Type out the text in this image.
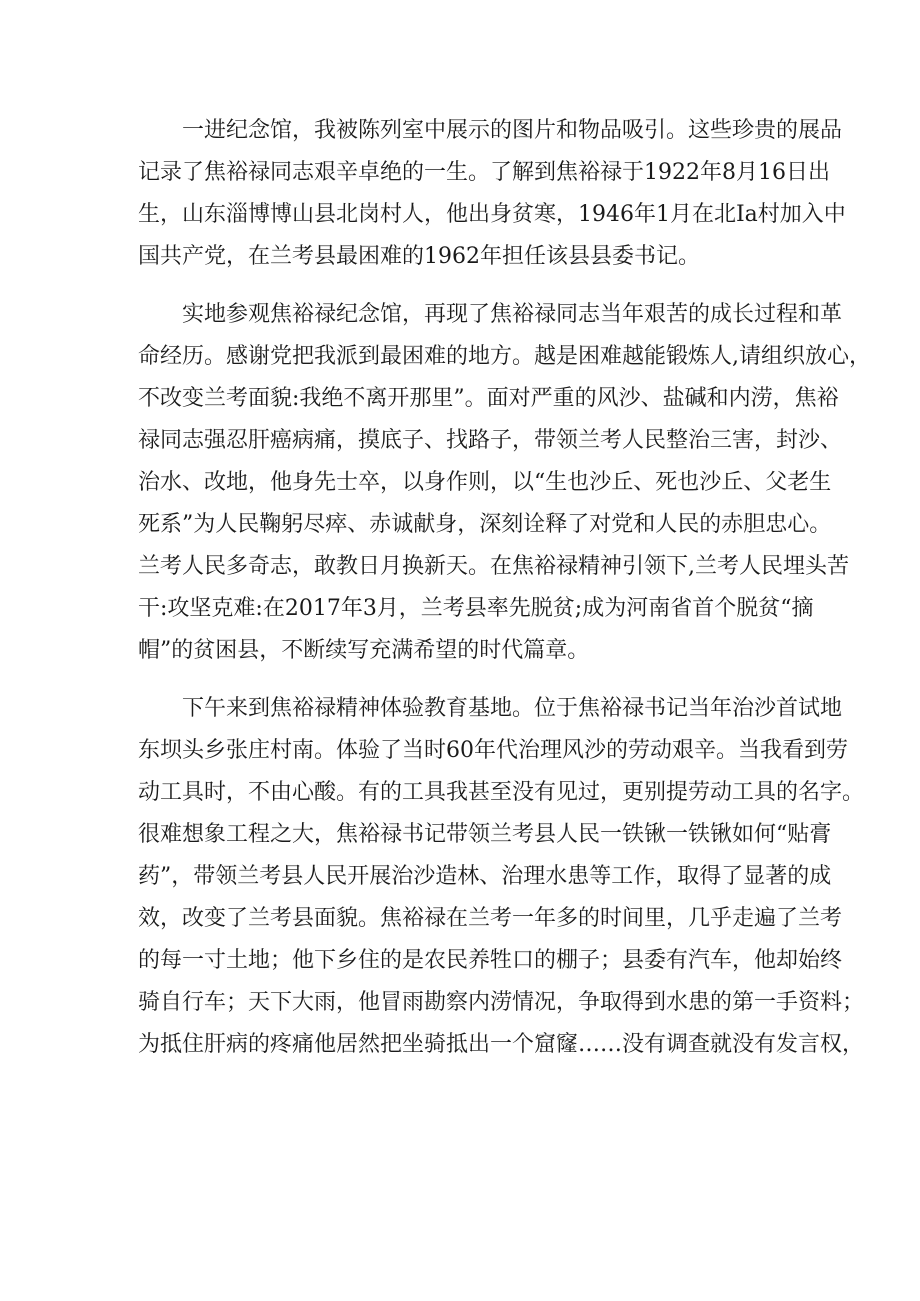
一进纪念馆，我被陈列室中展示的图片和物品吸引。这些珍贵的展品
记录了焦裕禄同志艰辛卓绝的一生。了解到焦裕禄于1922年8月16日出
生，山东淄博博山县北岗村人，他出身贫寒，1946年1月在北Ia村加入中
国共产党，在兰考县最困难的1962年担任该县县委书记。
实地参观焦裕禄纪念馆，再现了焦裕禄同志当年艰苦的成长过程和革
命经历。感谢党把我派到最困难的地方。越是困难越能锻炼人,请组织放心，
不改变兰考面貌:我绝不离开那里”。面对严重的风沙、盐碱和内涝，焦裕
禄同志强忍肝癌病痛，摸底子、找路子，带领兰考人民整治三害，封沙、
治水、改地，他身先士卒，以身作则，以“生也沙丘、死也沙丘、父老生
死系”为人民鞠躬尽瘁、赤诚献身，深刻诠释了对党和人民的赤胆忠心。
兰考人民多奇志，敢教日月换新天。在焦裕禄精神引领下,兰考人民埋头苦
干:攻坚克难:在2017年3月，兰考县率先脱贫;成为河南省首个脱贫“摘
帽”的贫困县，不断续写充满希望的时代篇章。
下午来到焦裕禄精神体验教育基地。位于焦裕禄书记当年治沙首试地
东坝头乡张庄村南。体验了当时60年代治理风沙的劳动艰辛。当我看到劳
动工具时，不由心酸。有的工具我甚至没有见过，更别提劳动工具的名字。
很难想象工程之大，焦裕禄书记带领兰考县人民一铁锹一铁锹如何“贴膏
药”，带领兰考县人民开展治沙造林、治理水患等工作，取得了显著的成
效，改变了兰考县面貌。焦裕禄在兰考一年多的时间里，几乎走遍了兰考
的每一寸土地；他下乡住的是农民养牲口的棚子；县委有汽车，他却始终
骑自行车；天下大雨，他冒雨勘察内涝情况，争取得到水患的第一手资料；
为抵住肝病的疼痛他居然把坐骑抵出一个窟窿……没有调查就没有发言权，
